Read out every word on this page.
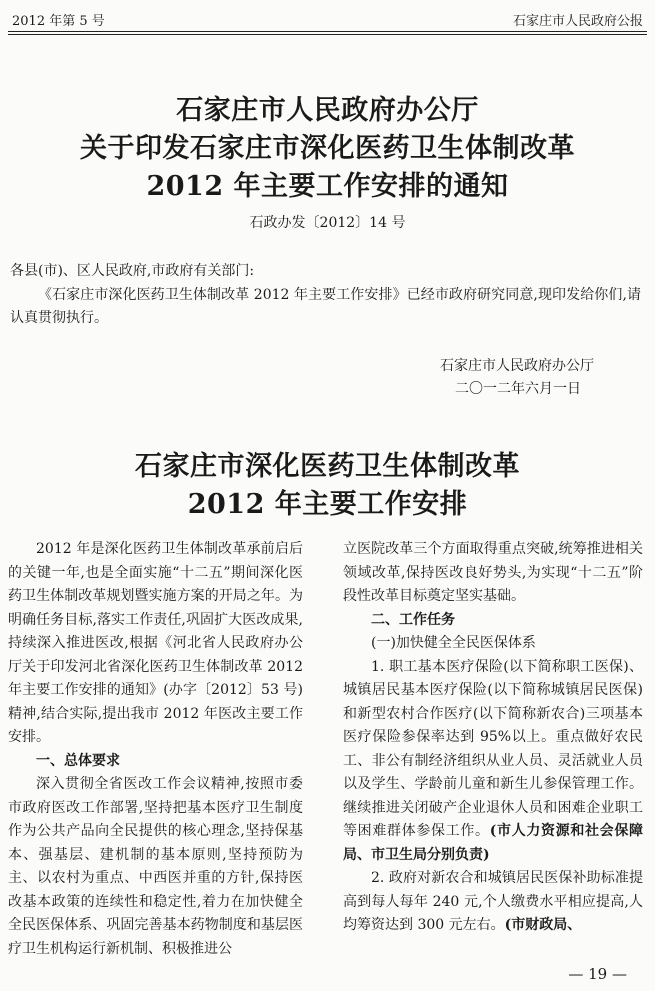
2012 年第 5 号	石家庄市人民政府公报
石家庄市人民政府办公厅
关于印发石家庄市深化医药卫生体制改革
2012 年主要工作安排的通知
石政办发〔2012〕14 号
各县(市)、区人民政府,市政府有关部门:
《石家庄市深化医药卫生体制改革 2012 年主要工作安排》已经市政府研究同意,现印发给你们,请认真贯彻执行。
石家庄市人民政府办公厅
二〇一二年六月一日
石家庄市深化医药卫生体制改革
2012 年主要工作安排

2012 年是深化医药卫生体制改革承前启后的关键一年,也是全面实施“十二五”期间深化医药卫生体制改革规划暨实施方案的开局之年。为明确任务目标,落实工作责任,巩固扩大医改成果,持续深入推进医改,根据《河北省人民政府办公厅关于印发河北省深化医药卫生体制改革 2012 年主要工作安排的通知》(办字〔2012〕53 号)精神,结合实际,提出我市 2012 年医改主要工作安排。

一、总体要求

深入贯彻全省医改工作会议精神,按照市委市政府医改工作部署,坚持把基本医疗卫生制度作为公共产品向全民提供的核心理念,坚持保基本、强基层、建机制的基本原则,坚持预防为主、以农村为重点、中西医并重的方针,保持医改基本政策的连续性和稳定性,着力在加快健全全民医保体系、巩固完善基本药物制度和基层医疗卫生机构运行新机制、积极推进公

立医院改革三个方面取得重点突破,统筹推进相关领域改革,保持医改良好势头,为实现“十二五”阶段性改革目标奠定坚实基础。

二、工作任务

(一)加快健全全民医保体系

1. 职工基本医疗保险(以下简称职工医保)、城镇居民基本医疗保险(以下简称城镇居民医保)和新型农村合作医疗(以下简称新农合)三项基本医疗保险参保率达到 95%以上。重点做好农民工、非公有制经济组织从业人员、灵活就业人员以及学生、学龄前儿童和新生儿参保管理工作。继续推进关闭破产企业退休人员和困难企业职工等困难群体参保工作。(市人力资源和社会保障局、市卫生局分别负责)

2. 政府对新农合和城镇居民医保补助标准提高到每人每年 240 元,个人缴费水平相应提高,人均筹资达到 300 元左右。(市财政局、

— 19 —
